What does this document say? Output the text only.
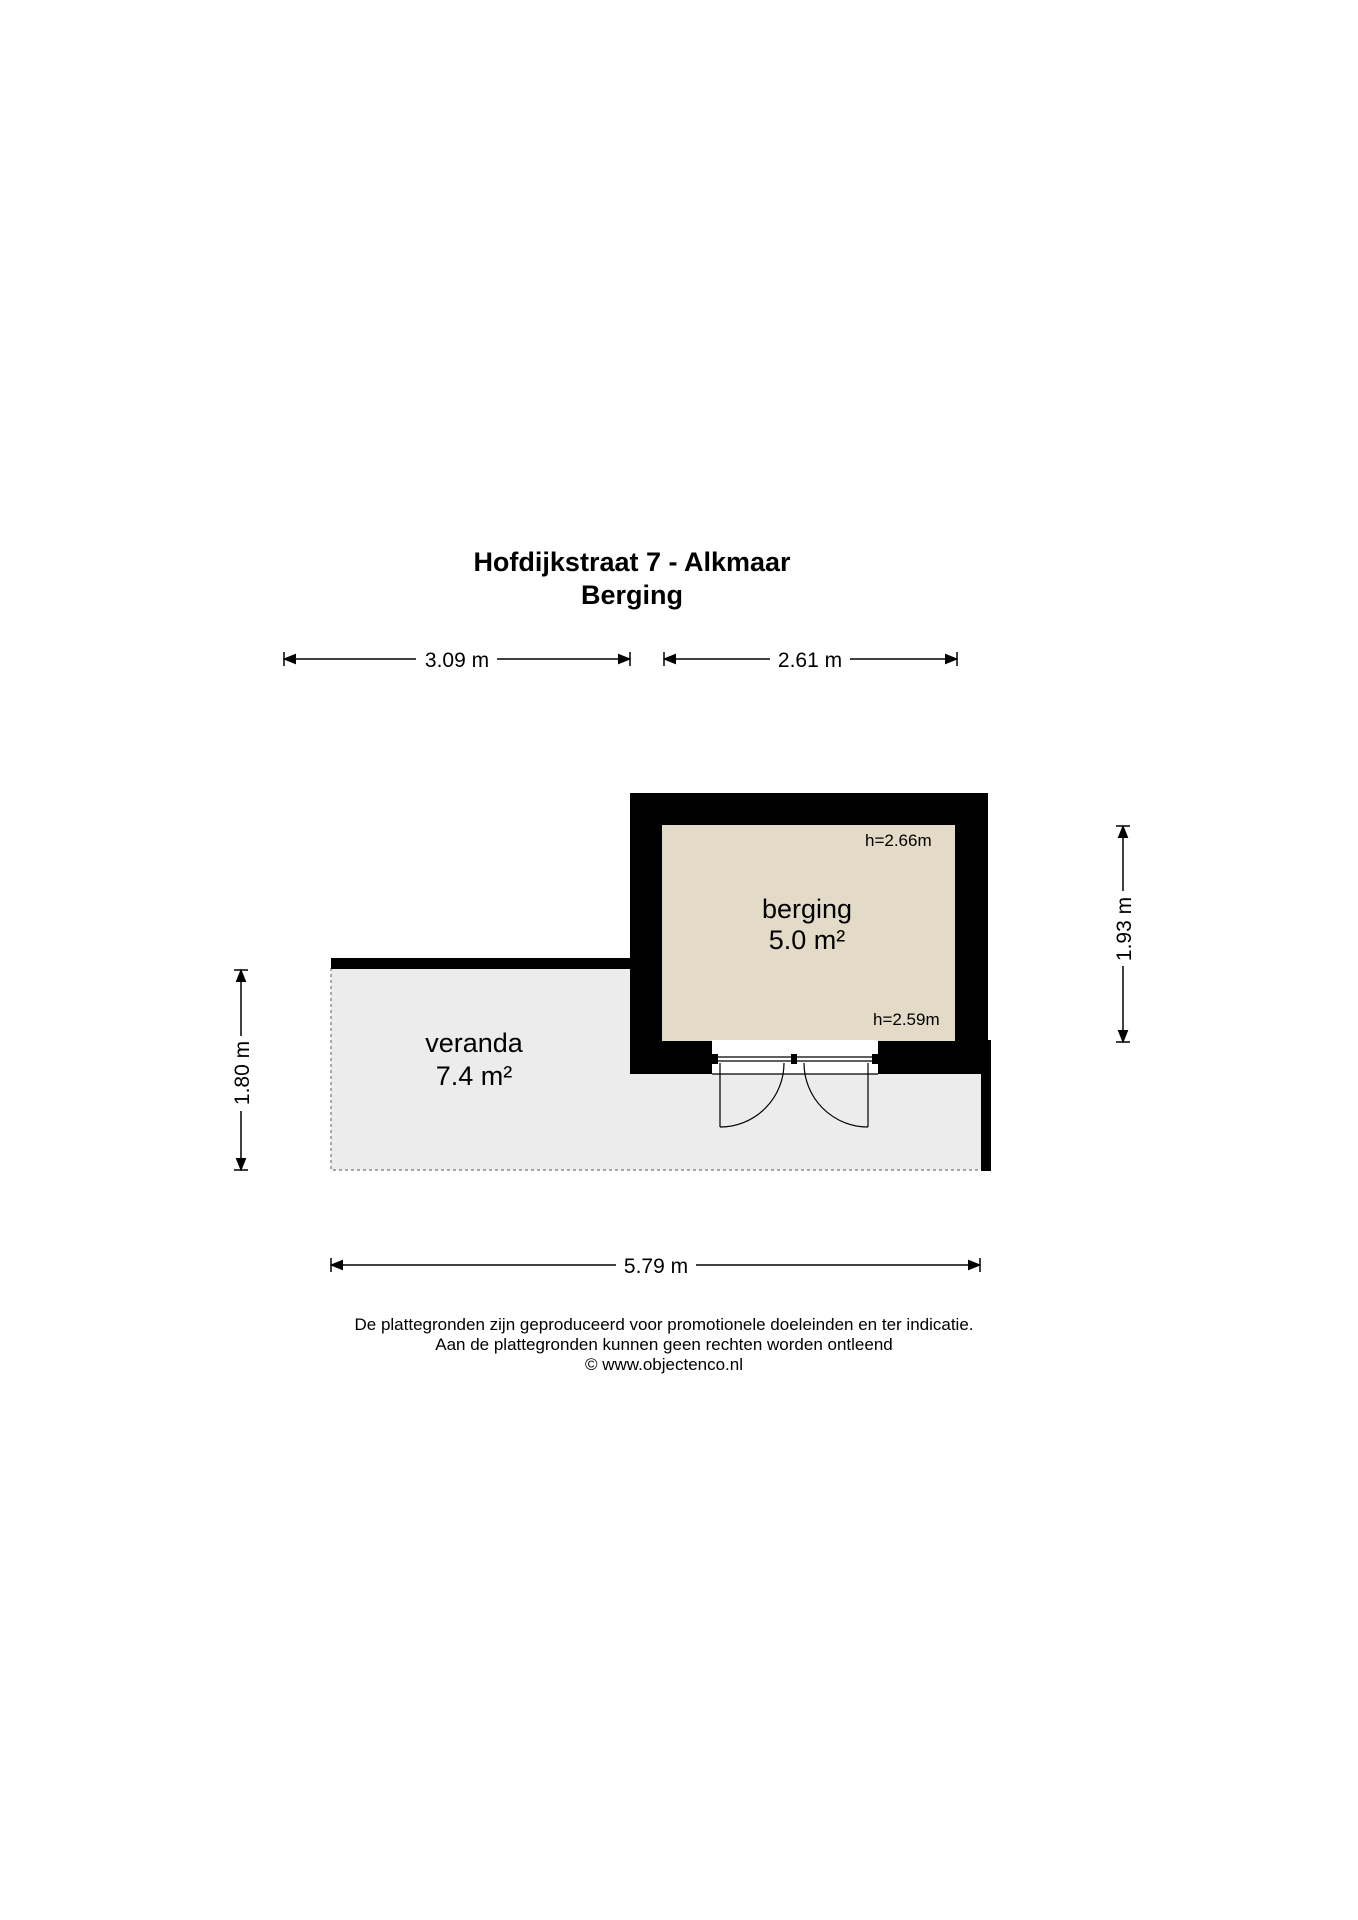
Hofdijkstraat 7 - Alkmaar
Berging
3.09 m	2.61 m
1.80 m
1.93 m
h=2.66m
berging
5.0 m²
h=2.59m
veranda
7.4 m²
5.79 m
De plattegronden zijn geproduceerd voor promotionele doeleinden en ter indicatie.
Aan de plattegronden kunnen geen rechten worden ontleend
© www.objectenco.nl
